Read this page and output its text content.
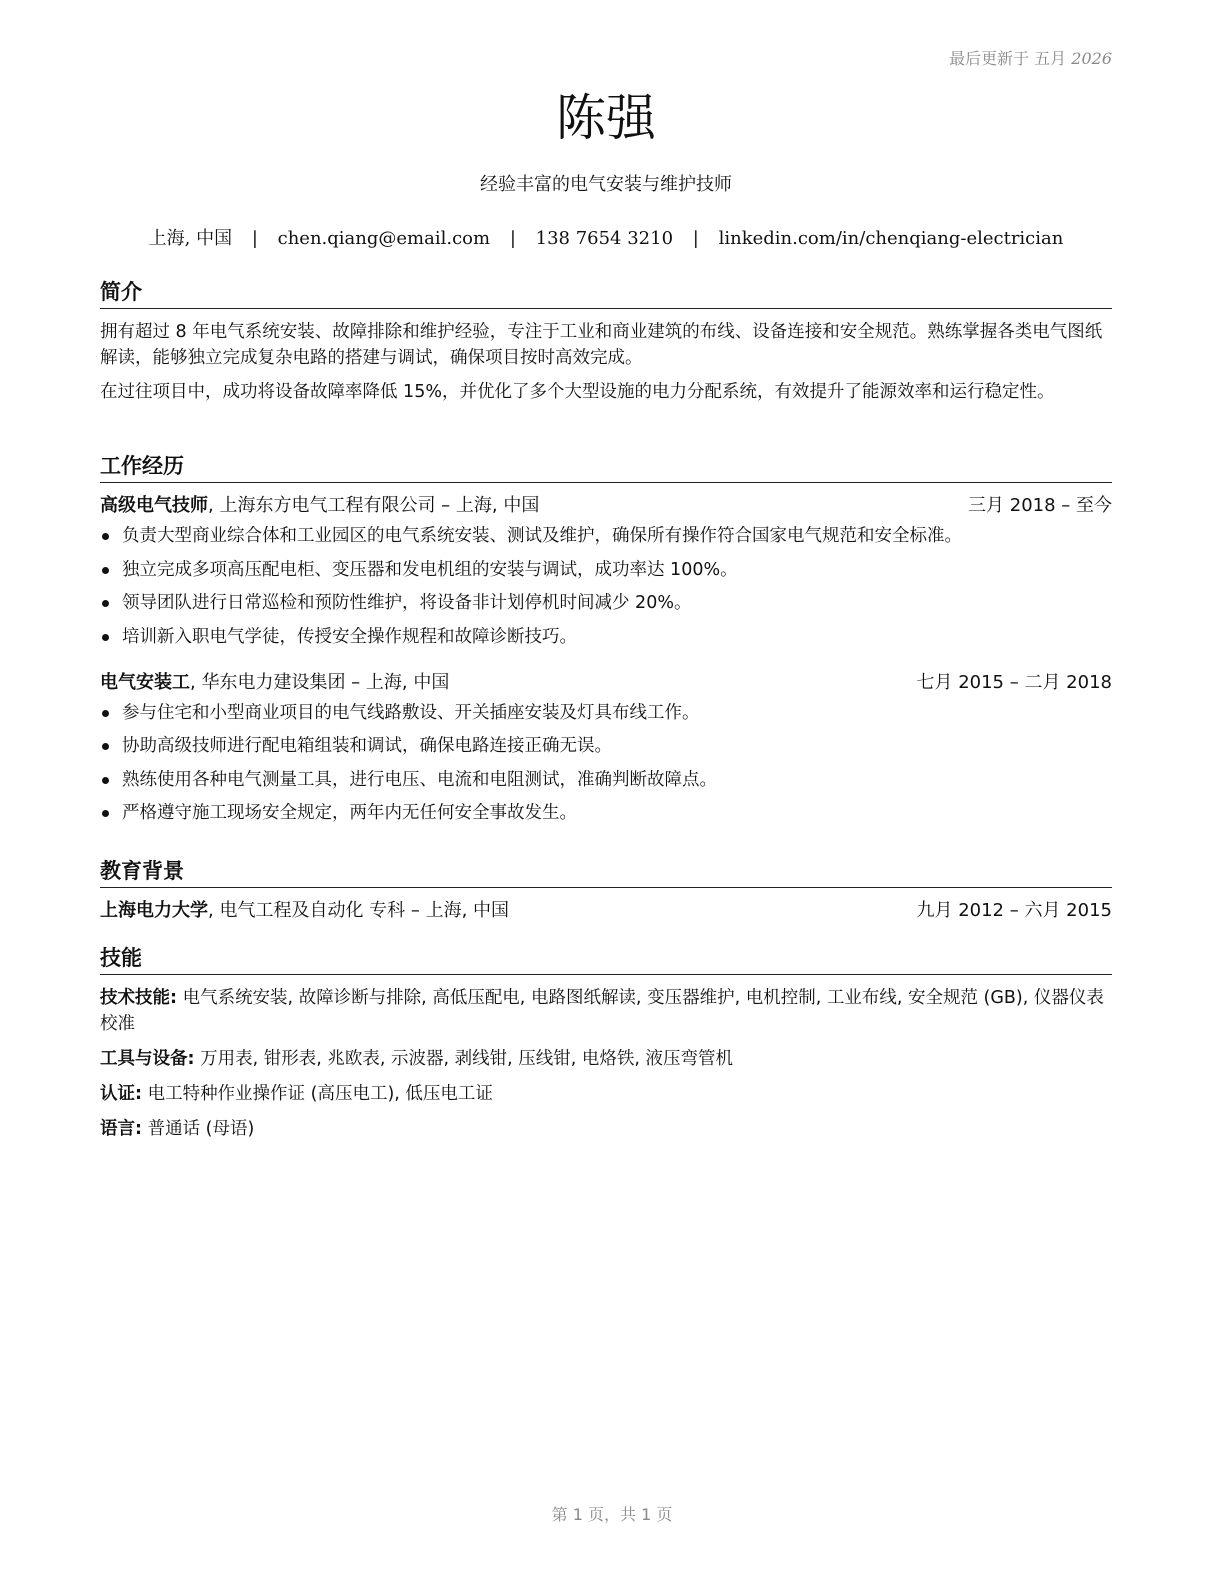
最后更新于 五月 2026
陈强
经验丰富的电气安装与维护技师
上海, 中国 | chen.qiang@email.com | 138 7654 3210 | linkedin.com/in/chenqiang-electrician
简介

拥有超过 8 年电气系统安装、故障排除和维护经验，专注于工业和商业建筑的布线、设备连接和安全规范。熟练掌握各类电气图纸解读，能够独立完成复杂电路的搭建与调试，确保项目按时高效完成。

在过往项目中，成功将设备故障率降低 15%，并优化了多个大型设施的电力分配系统，有效提升了能源效率和运行稳定性。

工作经历
高级电气技师, 上海东方电气工程有限公司 – 上海, 中国	三月 2018 – 至今
负责大型商业综合体和工业园区的电气系统安装、测试及维护，确保所有操作符合国家电气规范和安全标准。
独立完成多项高压配电柜、变压器和发电机组的安装与调试，成功率达 100%。
领导团队进行日常巡检和预防性维护，将设备非计划停机时间减少 20%。
培训新入职电气学徒，传授安全操作规程和故障诊断技巧。
电气安装工, 华东电力建设集团 – 上海, 中国	七月 2015 – 二月 2018
参与住宅和小型商业项目的电气线路敷设、开关插座安装及灯具布线工作。
协助高级技师进行配电箱组装和调试，确保电路连接正确无误。
熟练使用各种电气测量工具，进行电压、电流和电阻测试，准确判断故障点。
严格遵守施工现场安全规定，两年内无任何安全事故发生。
教育背景
上海电力大学, 电气工程及自动化 专科 – 上海, 中国	九月 2012 – 六月 2015
技能
技术技能: 电气系统安装, 故障诊断与排除, 高低压配电, 电路图纸解读, 变压器维护, 电机控制, 工业布线, 安全规范 (GB), 仪器仪表校准
工具与设备: 万用表, 钳形表, 兆欧表, 示波器, 剥线钳, 压线钳, 电烙铁, 液压弯管机
认证: 电工特种作业操作证 (高压电工), 低压电工证
语言: 普通话 (母语)
第 1 页，共 1 页
